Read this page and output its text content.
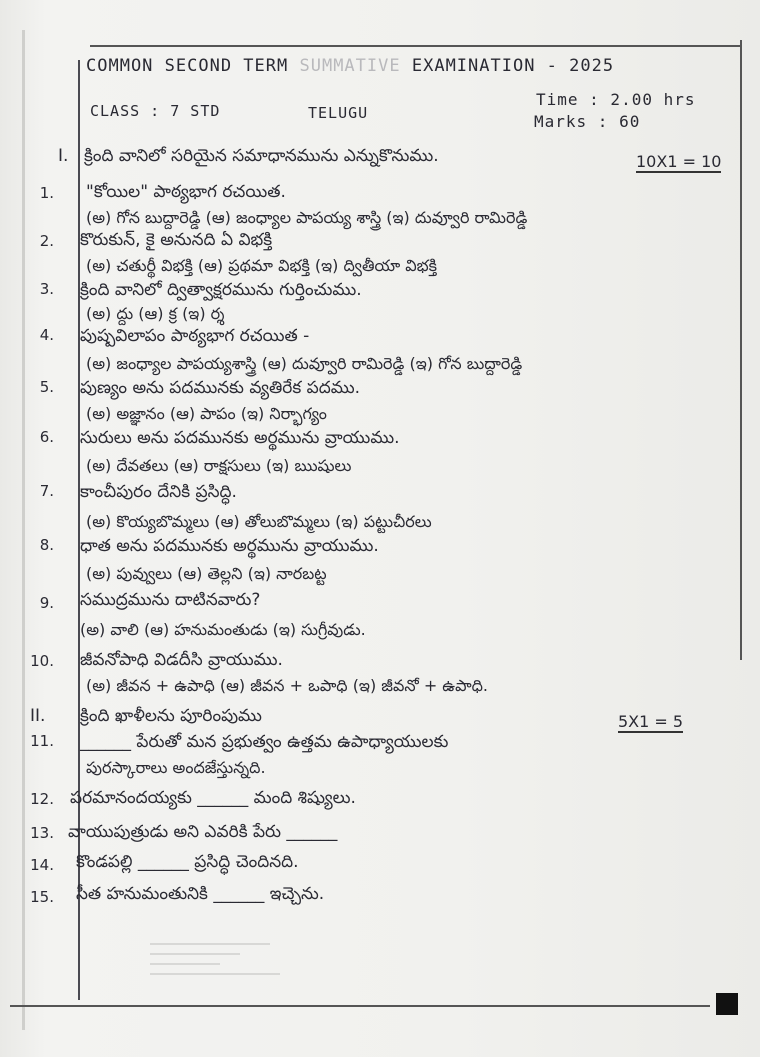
COMMON SECOND TERM SUMMATIVE EXAMINATION - 2025
CLASS : 7 STD	TELUGU
Time : 2.00 hrs
Marks : 60
I. క్రింది వానిలో సరియైన సమాధానమును ఎన్నుకొనుము.	10X1 = 10
1. "కోయిల" పాఠ్యభాగ రచయిత.
(అ) గోన బుద్దారెడ్డి (ఆ) జంధ్యాల పాపయ్య శాస్త్రి (ఇ) దువ్వూరి రామిరెడ్డి
2. కొరుకున్, కై అనునది ఏ విభక్తి
(అ) చతుర్థీ విభక్తి (ఆ) ప్రథమా విభక్తి (ఇ) ద్వితీయా విభక్తి
3. క్రింది వానిలో ద్విత్వాక్షరమును గుర్తించుము.
(అ) ద్దు (ఆ) క్ర (ఇ) ర్శ
4. పుష్పవిలాపం పాఠ్యభాగ రచయిత -
(అ) జంధ్యాల పాపయ్యశాస్త్రి (ఆ) దువ్వూరి రామిరెడ్డి (ఇ) గోన బుద్దారెడ్డి
5. పుణ్యం అను పదమునకు వ్యతిరేక పదము.
(అ) అజ్ఞానం (ఆ) పాపం (ఇ) నిర్భాగ్యం
6. సురులు అను పదమునకు అర్థమును వ్రాయుము.
(అ) దేవతలు (ఆ) రాక్షసులు (ఇ) ఋషులు
7. కాంచీపురం దేనికి ప్రసిద్ధి.
(అ) కొయ్యబొమ్మలు (ఆ) తోలుబొమ్మలు (ఇ) పట్టుచీరలు
8. ధాత అను పదమునకు అర్థమును వ్రాయుము.
(అ) పువ్వులు (ఆ) తెల్లని (ఇ) నారబట్ట
9. సముద్రమును దాటినవారు?
(అ) వాలి (ఆ) హనుమంతుడు (ఇ) సుగ్రీవుడు.
10. జీవనోపాధి విడదీసి వ్రాయుము.
(అ) జీవన + ఉపాధి (ఆ) జీవన + ఒపాధి (ఇ) జీవనో + ఉపాధి.
II. క్రింది ఖాళీలను పూరింపుము	5X1 = 5
11. ______ పేరుతో మన ప్రభుత్వం ఉత్తమ ఉపాధ్యాయులకు
పురస్కారాలు అందజేస్తున్నది.
12. పరమానందయ్యకు ______ మంది శిష్యులు.
13. వాయుపుత్రుడు అని ఎవరికి పేరు ______
14. కొండపల్లి ______ ప్రసిద్ధి చెందినది.
15. సీత హనుమంతునికి ______ ఇచ్చెను.
